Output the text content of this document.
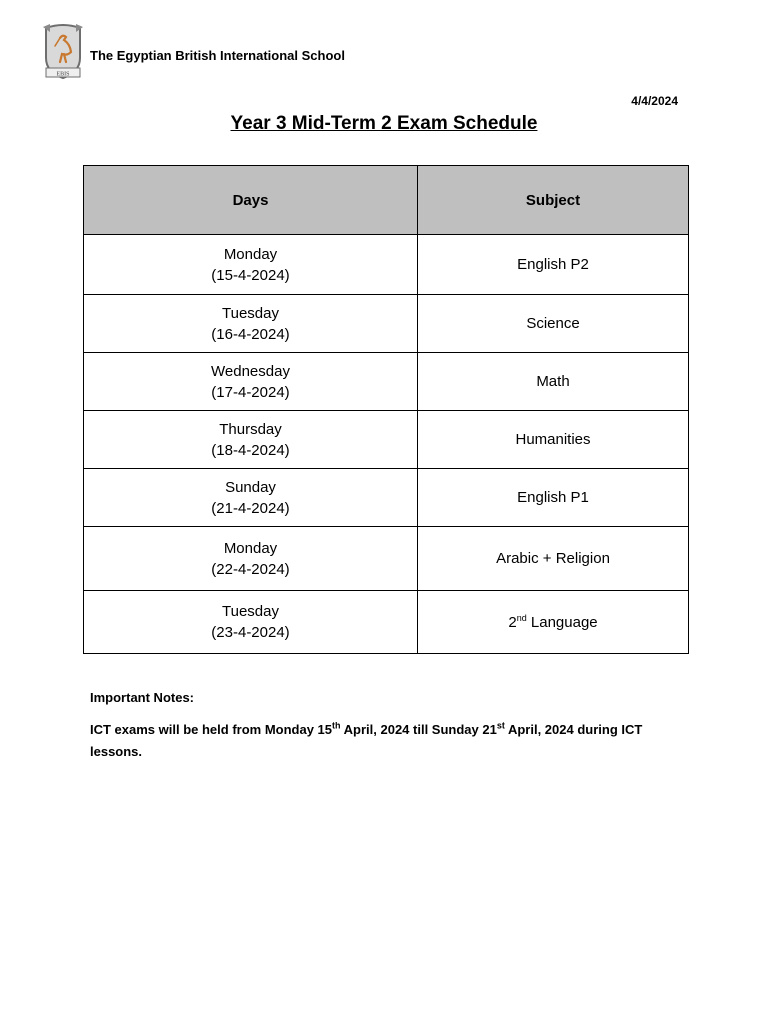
EBIS
The Egyptian British International School
4/4/2024
Year 3 Mid-Term 2 Exam Schedule
Days	Subject

Monday
(15-4-2024)	English P2

Tuesday
(16-4-2024)	Science

Wednesday
(17-4-2024)	Math

Thursday
(18-4-2024)	Humanities

Sunday
(21-4-2024)	English P1

Monday
(22-4-2024)	Arabic + Religion

Tuesday
(23-4-2024)	2nd Language

Important Notes:

ICT exams will be held from Monday 15th April, 2024 till Sunday 21st April, 2024 during ICT lessons.
